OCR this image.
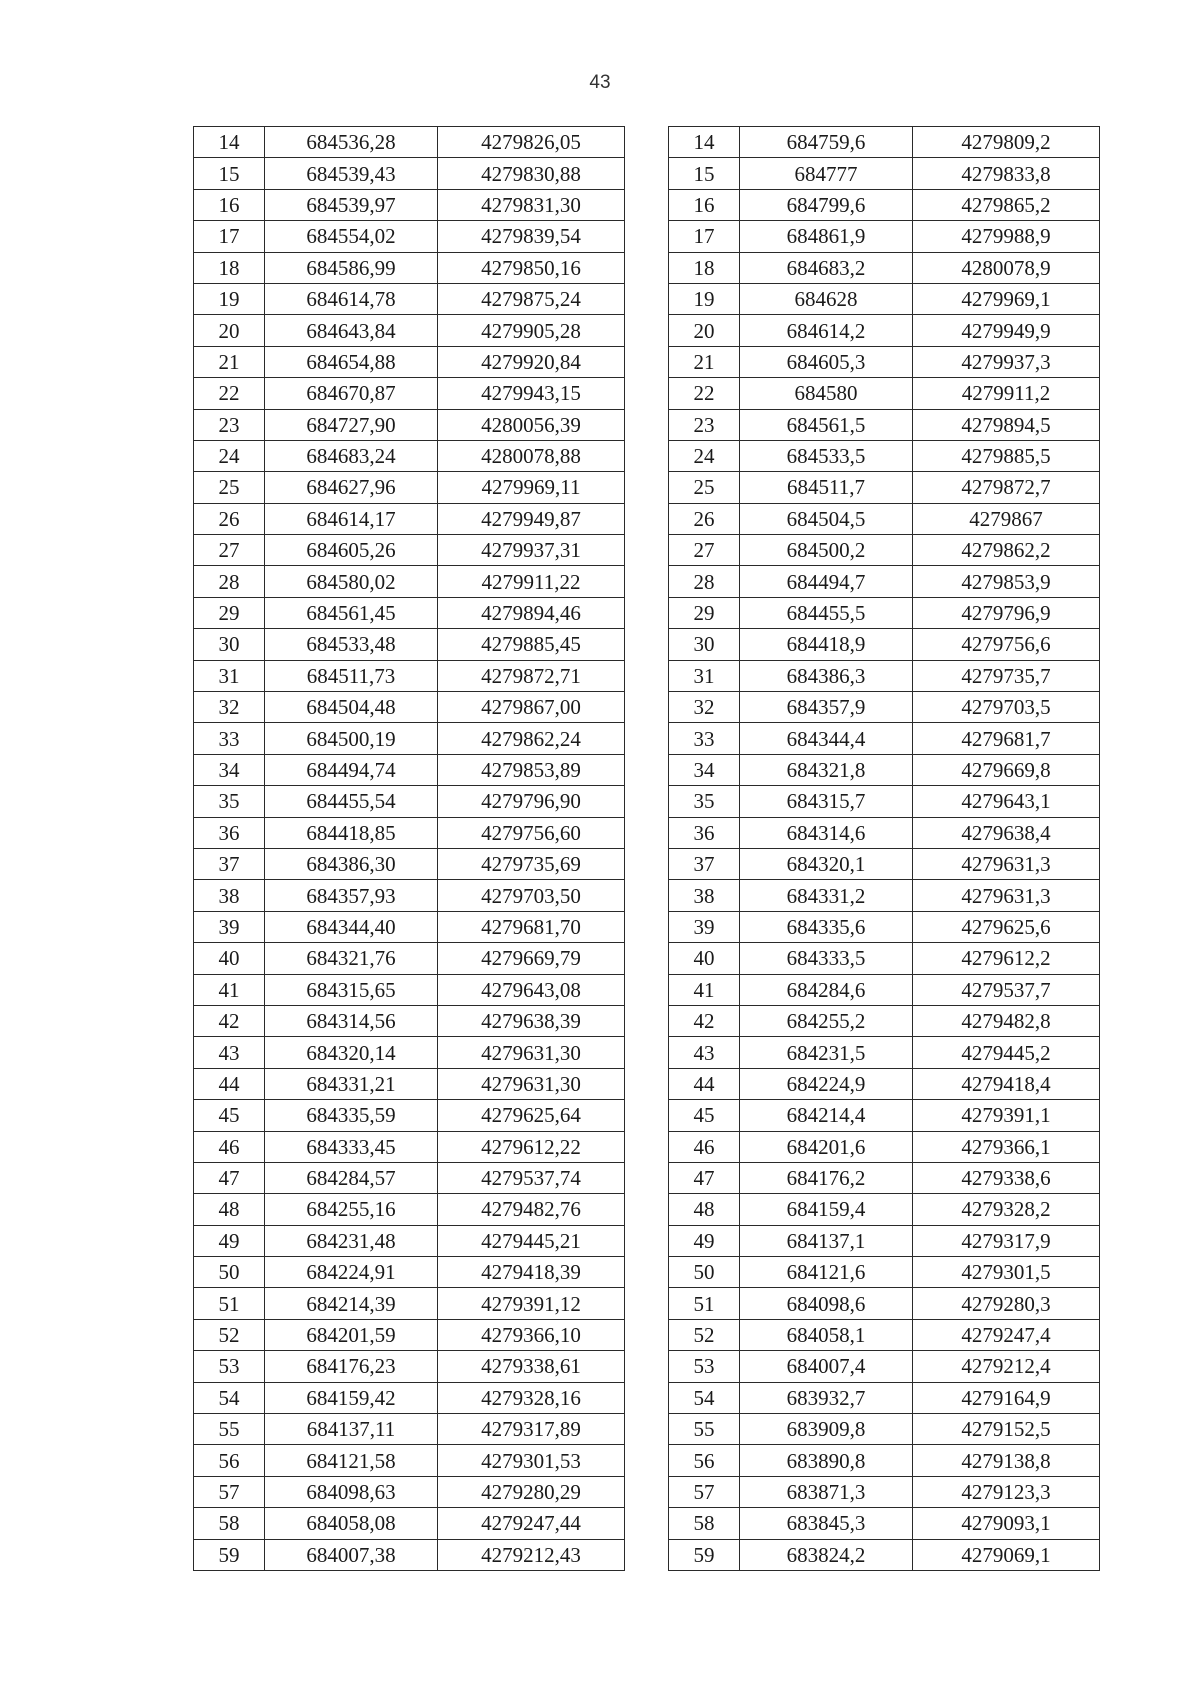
43
14	684536,28	4279826,05
15	684539,43	4279830,88
16	684539,97	4279831,30
17	684554,02	4279839,54
18	684586,99	4279850,16
19	684614,78	4279875,24
20	684643,84	4279905,28
21	684654,88	4279920,84
22	684670,87	4279943,15
23	684727,90	4280056,39
24	684683,24	4280078,88
25	684627,96	4279969,11
26	684614,17	4279949,87
27	684605,26	4279937,31
28	684580,02	4279911,22
29	684561,45	4279894,46
30	684533,48	4279885,45
31	684511,73	4279872,71
32	684504,48	4279867,00
33	684500,19	4279862,24
34	684494,74	4279853,89
35	684455,54	4279796,90
36	684418,85	4279756,60
37	684386,30	4279735,69
38	684357,93	4279703,50
39	684344,40	4279681,70
40	684321,76	4279669,79
41	684315,65	4279643,08
42	684314,56	4279638,39
43	684320,14	4279631,30
44	684331,21	4279631,30
45	684335,59	4279625,64
46	684333,45	4279612,22
47	684284,57	4279537,74
48	684255,16	4279482,76
49	684231,48	4279445,21
50	684224,91	4279418,39
51	684214,39	4279391,12
52	684201,59	4279366,10
53	684176,23	4279338,61
54	684159,42	4279328,16
55	684137,11	4279317,89
56	684121,58	4279301,53
57	684098,63	4279280,29
58	684058,08	4279247,44
59	684007,38	4279212,43
14	684759,6	4279809,2
15	684777	4279833,8
16	684799,6	4279865,2
17	684861,9	4279988,9
18	684683,2	4280078,9
19	684628	4279969,1
20	684614,2	4279949,9
21	684605,3	4279937,3
22	684580	4279911,2
23	684561,5	4279894,5
24	684533,5	4279885,5
25	684511,7	4279872,7
26	684504,5	4279867
27	684500,2	4279862,2
28	684494,7	4279853,9
29	684455,5	4279796,9
30	684418,9	4279756,6
31	684386,3	4279735,7
32	684357,9	4279703,5
33	684344,4	4279681,7
34	684321,8	4279669,8
35	684315,7	4279643,1
36	684314,6	4279638,4
37	684320,1	4279631,3
38	684331,2	4279631,3
39	684335,6	4279625,6
40	684333,5	4279612,2
41	684284,6	4279537,7
42	684255,2	4279482,8
43	684231,5	4279445,2
44	684224,9	4279418,4
45	684214,4	4279391,1
46	684201,6	4279366,1
47	684176,2	4279338,6
48	684159,4	4279328,2
49	684137,1	4279317,9
50	684121,6	4279301,5
51	684098,6	4279280,3
52	684058,1	4279247,4
53	684007,4	4279212,4
54	683932,7	4279164,9
55	683909,8	4279152,5
56	683890,8	4279138,8
57	683871,3	4279123,3
58	683845,3	4279093,1
59	683824,2	4279069,1
